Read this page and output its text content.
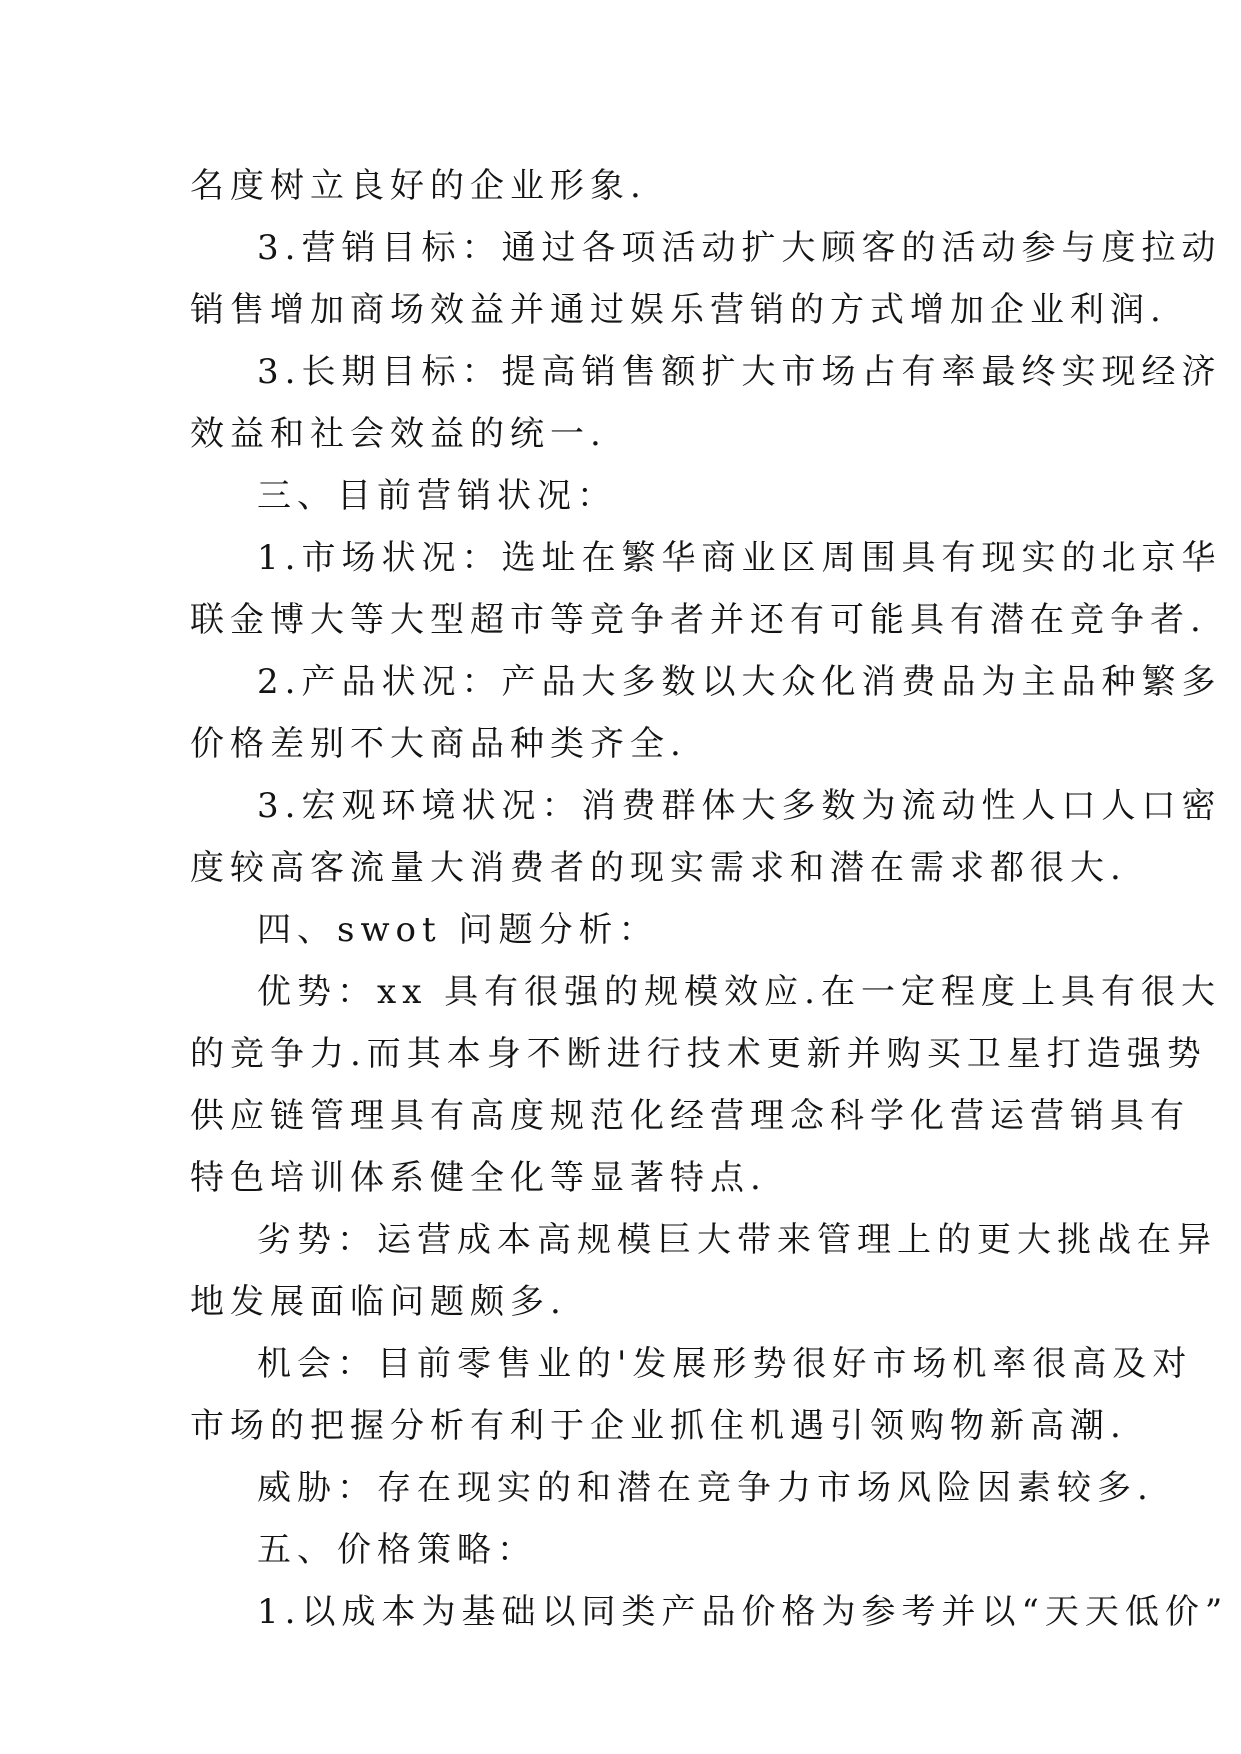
名度树立良好的企业形象.
3.营销目标：通过各项活动扩大顾客的活动参与度拉动
销售增加商场效益并通过娱乐营销的方式增加企业利润.
3.长期目标：提高销售额扩大市场占有率最终实现经济
效益和社会效益的统一.
三、目前营销状况：
1.市场状况：选址在繁华商业区周围具有现实的北京华
联金博大等大型超市等竞争者并还有可能具有潜在竞争者.
2.产品状况：产品大多数以大众化消费品为主品种繁多
价格差别不大商品种类齐全.
3.宏观环境状况：消费群体大多数为流动性人口人口密
度较高客流量大消费者的现实需求和潜在需求都很大.
四、swot 问题分析：
优势：xx 具有很强的规模效应.在一定程度上具有很大
的竞争力.而其本身不断进行技术更新并购买卫星打造强势
供应链管理具有高度规范化经营理念科学化营运营销具有
特色培训体系健全化等显著特点.
劣势：运营成本高规模巨大带来管理上的更大挑战在异
地发展面临问题颇多.
机会：目前零售业的'发展形势很好市场机率很高及对
市场的把握分析有利于企业抓住机遇引领购物新高潮.
威胁：存在现实的和潜在竞争力市场风险因素较多.
五、价格策略：
1.以成本为基础以同类产品价格为参考并以“天天低价”
